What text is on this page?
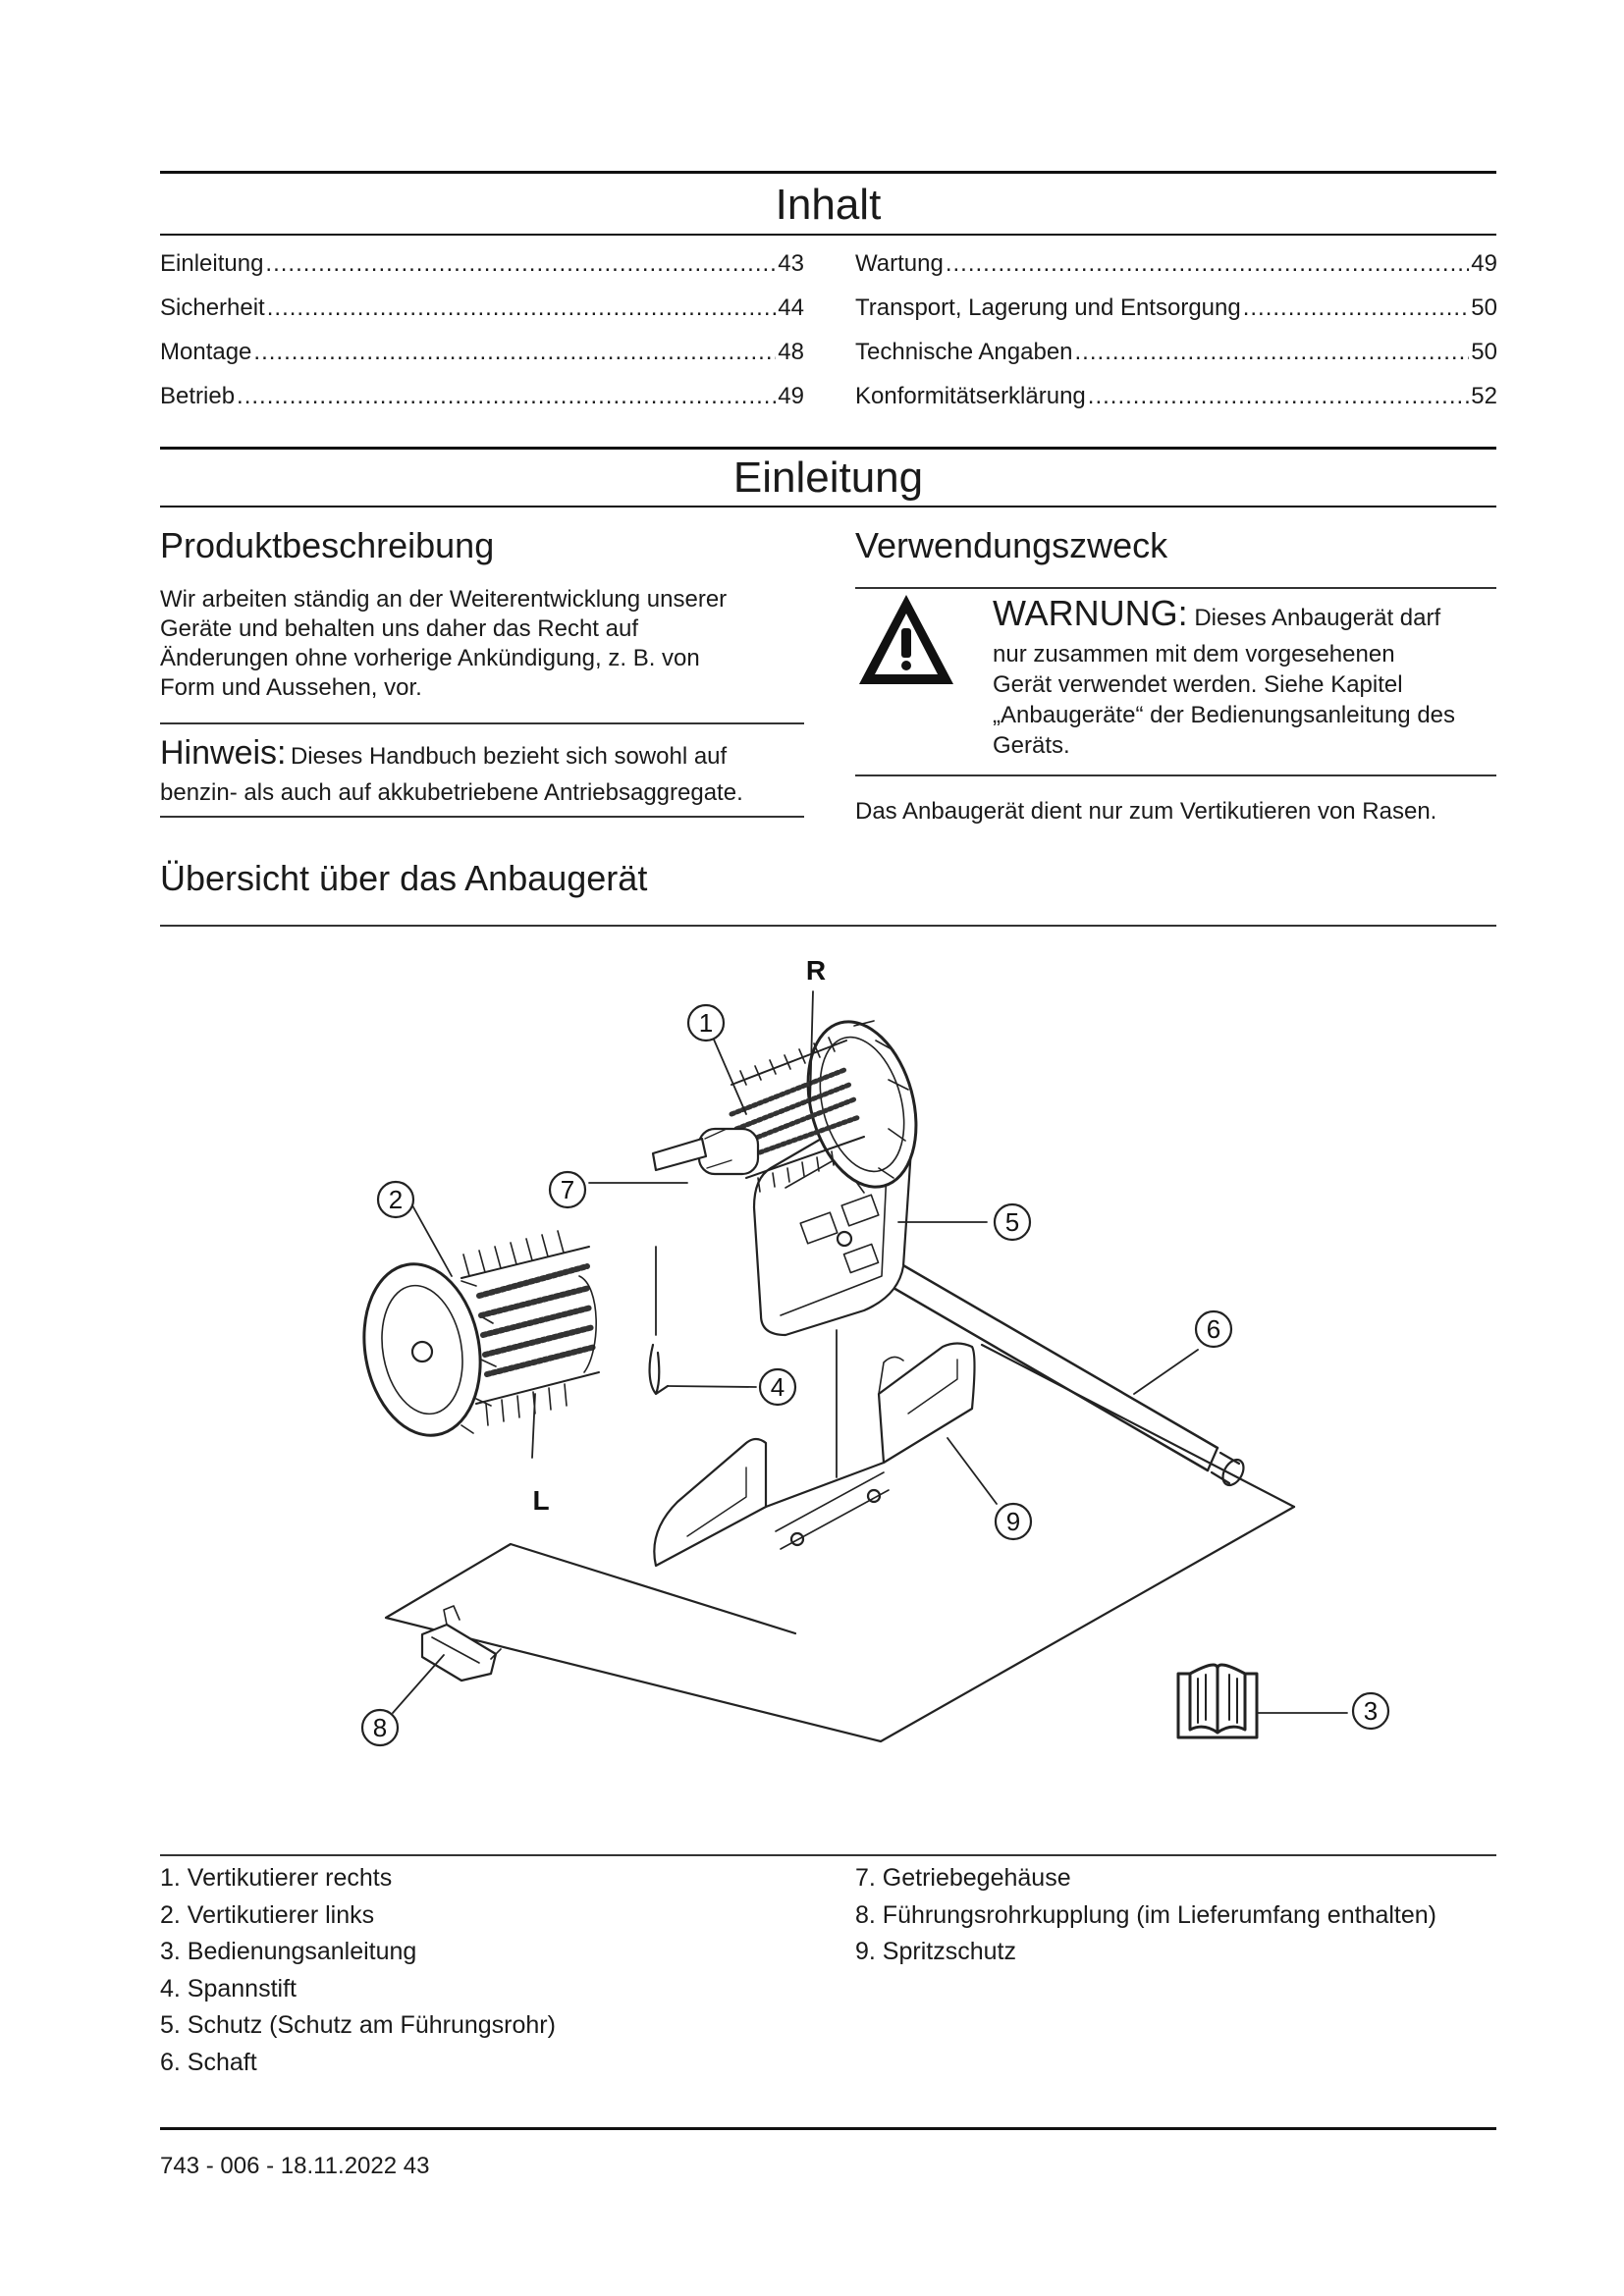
Inhalt
Einleitung .....	43
Sicherheit .....	44
Montage .....	48
Betrieb .....	49
Wartung .....	49
Transport, Lagerung und Entsorgung .....	50
Technische Angaben .....	50
Konformitätserklärung .....	52
Einleitung
Produktbeschreibung
Wir arbeiten ständig an der Weiterentwicklung unserer
Geräte und behalten uns daher das Recht auf
Änderungen ohne vorherige Ankündigung, z. B. von
Form und Aussehen, vor.
Hinweis: Dieses Handbuch bezieht sich sowohl auf
benzin- als auch auf akkubetriebene Antriebsaggregate.
Verwendungszweck
WARNUNG: Dieses Anbaugerät darf
nur zusammen mit dem vorgesehenen
Gerät verwendet werden. Siehe Kapitel
„Anbaugeräte“ der Bedienungsanleitung des
Geräts.
Das Anbaugerät dient nur zum Vertikutieren von Rasen.
Übersicht über das Anbaugerät
1
2
3
4
5
6
7
8
9
R
L
1. Vertikutierer rechts
2. Vertikutierer links
3. Bedienungsanleitung
4. Spannstift
5. Schutz (Schutz am Führungsrohr)
6. Schaft
7. Getriebegehäuse
8. Führungsrohrkupplung (im Lieferumfang enthalten)
9. Spritzschutz
743 - 006 - 18.11.2022 43
